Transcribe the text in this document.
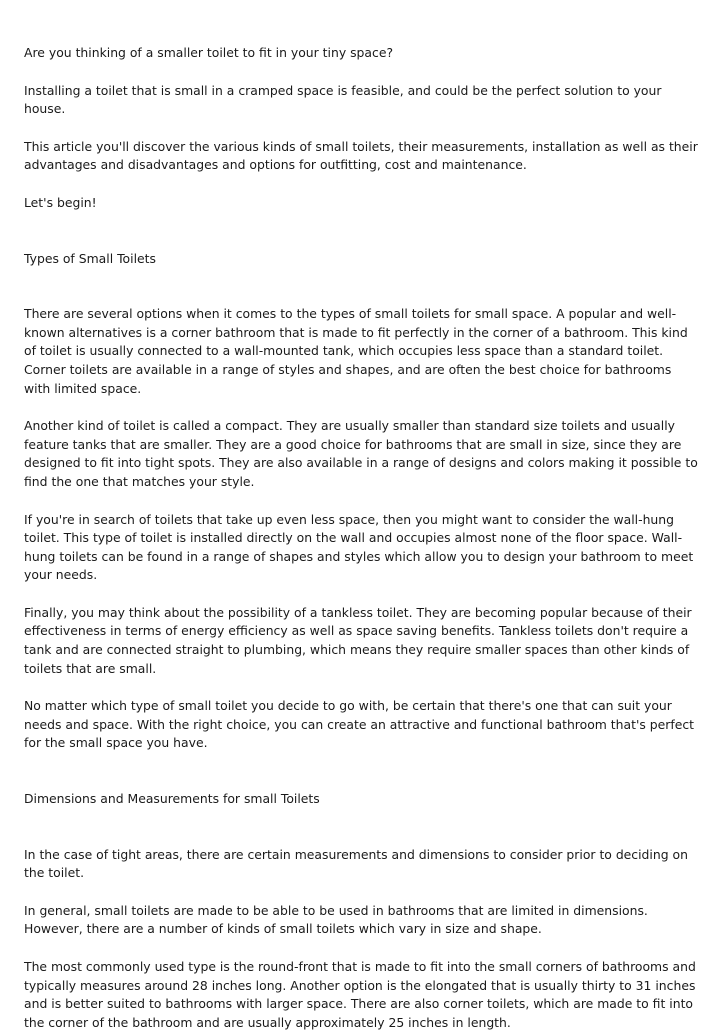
Are you thinking of a smaller toilet to fit in your tiny space?

Installing a toilet that is small in a cramped space is feasible, and could be the perfect solution to your house.

This article you'll discover the various kinds of small toilets, their measurements, installation as well as their advantages and disadvantages and options for outfitting, cost and maintenance.

Let's begin!

Types of Small Toilets

There are several options when it comes to the types of small toilets for small space. A popular and well-known alternatives is a corner bathroom that is made to fit perfectly in the corner of a bathroom. This kind of toilet is usually connected to a wall-mounted tank, which occupies less space than a standard toilet. Corner toilets are available in a range of styles and shapes, and are often the best choice for bathrooms with limited space.

Another kind of toilet is called a compact. They are usually smaller than standard size toilets and usually feature tanks that are smaller. They are a good choice for bathrooms that are small in size, since they are designed to fit into tight spots. They are also available in a range of designs and colors making it possible to find the one that matches your style.

If you're in search of toilets that take up even less space, then you might want to consider the wall-hung toilet. This type of toilet is installed directly on the wall and occupies almost none of the floor space. Wall-hung toilets can be found in a range of shapes and styles which allow you to design your bathroom to meet your needs.

Finally, you may think about the possibility of a tankless toilet. They are becoming popular because of their effectiveness in terms of energy efficiency as well as space saving benefits. Tankless toilets don't require a tank and are connected straight to plumbing, which means they require smaller spaces than other kinds of toilets that are small.

No matter which type of small toilet you decide to go with, be certain that there's one that can suit your needs and space. With the right choice, you can create an attractive and functional bathroom that's perfect for the small space you have.

Dimensions and Measurements for small Toilets

In the case of tight areas, there are certain measurements and dimensions to consider prior to deciding on the toilet.

In general, small toilets are made to be able to be used in bathrooms that are limited in dimensions. However, there are a number of kinds of small toilets which vary in size and shape.

The most commonly used type is the round-front that is made to fit into the small corners of bathrooms and typically measures around 28 inches long. Another option is the elongated that is usually thirty to 31 inches and is better suited to bathrooms with larger space. There are also corner toilets, which are made to fit into the corner of the bathroom and are usually approximately 25 inches in length.
